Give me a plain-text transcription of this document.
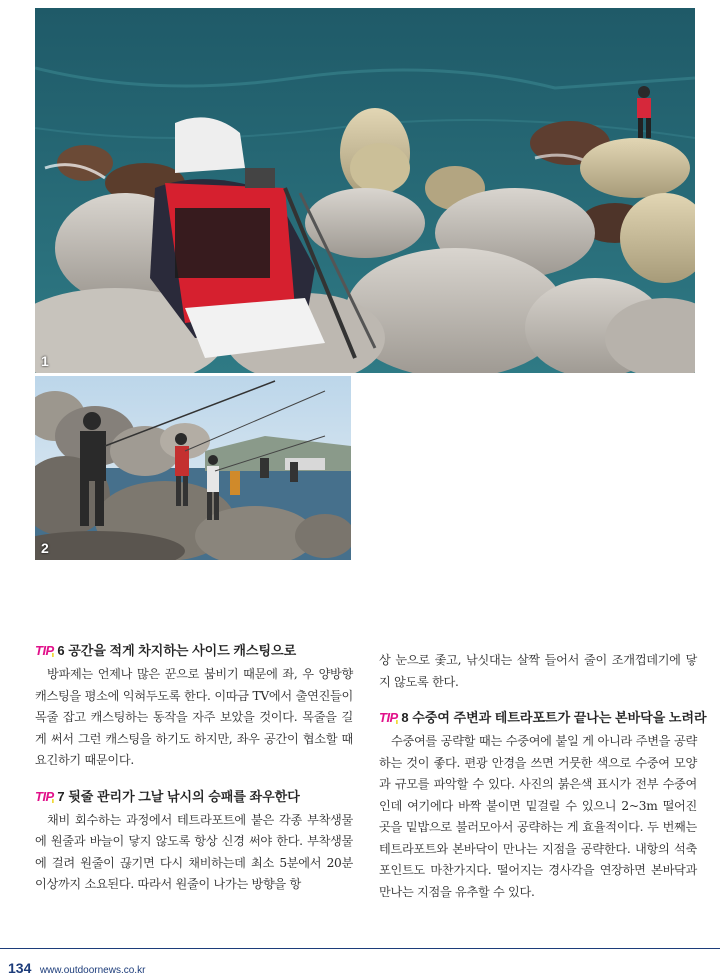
1
2
TIP 6 공간을 적게 차지하는 사이드 캐스팅으로

방파제는 언제나 많은 꾼으로 붐비기 때문에 좌, 우 양방향 캐스팅을 평소에 익혀두도록 한다. 이따금 TV에서 출연진들이 목줄 잡고 캐스팅하는 동작을 자주 보았을 것이다. 목줄을 길게 써서 그런 캐스팅을 하기도 하지만, 좌우 공간이 협소할 때 요긴하기 때문이다.

TIP 7 뒷줄 관리가 그날 낚시의 승패를 좌우한다

채비 회수하는 과정에서 테트라포트에 붙은 각종 부착생물에 원줄과 바늘이 닿지 않도록 항상 신경 써야 한다. 부착생물에 걸려 원줄이 끊기면 다시 채비하는데 최소 5분에서 20분 이상까지 소요된다. 따라서 원줄이 나가는 방향을 항

상 눈으로 좇고, 낚싯대는 살짝 들어서 줄이 조개껍데기에 닿지 않도록 한다.

TIP 8 수중여 주변과 테트라포트가 끝나는 본바닥을 노려라

수중여를 공략할 때는 수중여에 붙일 게 아니라 주변을 공략하는 것이 좋다. 편광 안경을 쓰면 거뭇한 색으로 수중여 모양과 규모를 파악할 수 있다. 사진의 붉은색 표시가 전부 수중여인데 여기에다 바짝 붙이면 밑걸릴 수 있으니 2~3m 떨어진 곳을 밑밥으로 불러모아서 공략하는 게 효율적이다. 두 번째는 테트라포트와 본바닥이 만나는 지점을 공략한다. 내항의 석축 포인트도 마찬가지다. 떨어지는 경사각을 연장하면 본바닥과 만나는 지점을 유추할 수 있다.

134 www.outdoornews.co.kr
